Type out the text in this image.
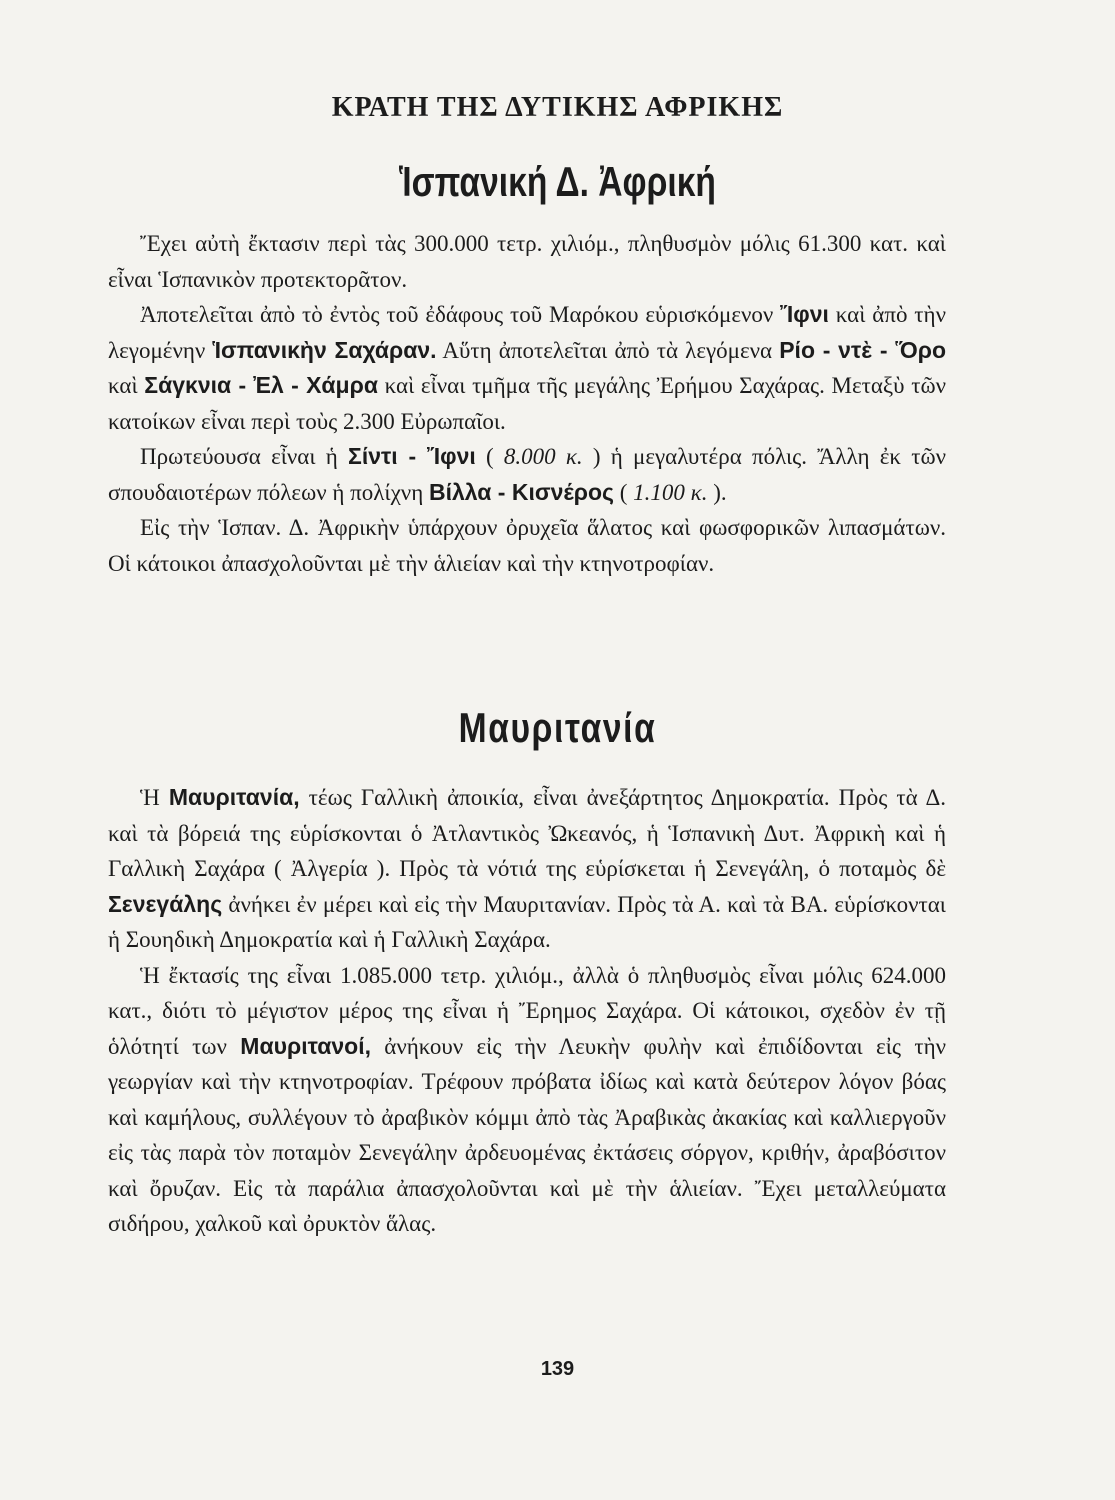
ΚΡΑΤΗ ΤΗΣ ΔΥΤΙΚΗΣ ΑΦΡΙΚΗΣ
Ἱσπανική Δ. Ἀφρική

Ἔχει αὐτὴ ἔκτασιν περὶ τὰς 300.000 τετρ. χιλιόμ., πληθυσμὸν μόλις 61.300 κατ. καὶ εἶναι Ἱσπανικὸν προτεκτορᾶτον.

Ἀποτελεῖται ἀπὸ τὸ ἐντὸς τοῦ ἐδάφους τοῦ Μαρόκου εὑρισκόμενον Ἴφνι καὶ ἀπὸ τὴν λεγομένην Ἱσπανικὴν Σαχάραν. Αὕτη ἀποτελεῖται ἀπὸ τὰ λεγόμενα Ρίο - ντὲ - Ὅρο καὶ Σάγκνια - Ἐλ - Χάμρα καὶ εἶναι τμῆμα τῆς μεγάλης Ἐρήμου Σαχάρας. Μεταξὺ τῶν κατοίκων εἶναι περὶ τοὺς 2.300 Εὐρωπαῖοι.

Πρωτεύουσα εἶναι ἡ Σίντι - Ἴφνι ( 8.000 κ. ) ἡ μεγαλυτέρα πόλις. Ἄλλη ἐκ τῶν σπουδαιοτέρων πόλεων ἡ πολίχνη Βίλλα - Κισνέρος ( 1.100 κ. ).

Εἰς τὴν Ἱσπαν. Δ. Ἀφρικὴν ὑπάρχουν ὀρυχεῖα ἅλατος καὶ φωσφορικῶν λιπασμάτων. Οἱ κάτοικοι ἀπασχολοῦνται μὲ τὴν ἁλιείαν καὶ τὴν κτηνοτροφίαν.

Μαυριτανία

Ἡ Μαυριτανία, τέως Γαλλικὴ ἀποικία, εἶναι ἀνεξάρτητος Δημοκρατία. Πρὸς τὰ Δ. καὶ τὰ βόρειά της εὑρίσκονται ὁ Ἀτλαντικὸς Ὠκεανός, ἡ Ἱσπανικὴ Δυτ. Ἀφρικὴ καὶ ἡ Γαλλικὴ Σαχάρα ( Ἀλγερία ). Πρὸς τὰ νότιά της εὑρίσκεται ἡ Σενεγάλη, ὁ ποταμὸς δὲ Σενεγάλης ἀνήκει ἐν μέρει καὶ εἰς τὴν Μαυριτανίαν. Πρὸς τὰ Α. καὶ τὰ ΒΑ. εὑρίσκονται ἡ Σουηδικὴ Δημοκρατία καὶ ἡ Γαλλικὴ Σαχάρα.

Ἡ ἔκτασίς της εἶναι 1.085.000 τετρ. χιλιόμ., ἀλλὰ ὁ πληθυσμὸς εἶναι μόλις 624.000 κατ., διότι τὸ μέγιστον μέρος της εἶναι ἡ Ἔρημος Σαχάρα. Οἱ κάτοικοι, σχεδὸν ἐν τῇ ὁλότητί των Μαυριτανοί, ἀνήκουν εἰς τὴν Λευκὴν φυλὴν καὶ ἐπιδίδονται εἰς τὴν γεωργίαν καὶ τὴν κτηνοτροφίαν. Τρέφουν πρόβατα ἰδίως καὶ κατὰ δεύτερον λόγον βόας καὶ καμήλους, συλλέγουν τὸ ἀραβικὸν κόμμι ἀπὸ τὰς Ἀραβικὰς ἀκακίας καὶ καλλιεργοῦν εἰς τὰς παρὰ τὸν ποταμὸν Σενεγάλην ἀρδευομένας ἐκτάσεις σόργον, κριθήν, ἀραβόσιτον καὶ ὄρυζαν. Εἰς τὰ παράλια ἀπασχολοῦνται καὶ μὲ τὴν ἁλιείαν. Ἔχει μεταλλεύματα σιδήρου, χαλκοῦ καὶ ὀρυκτὸν ἅλας.

139
